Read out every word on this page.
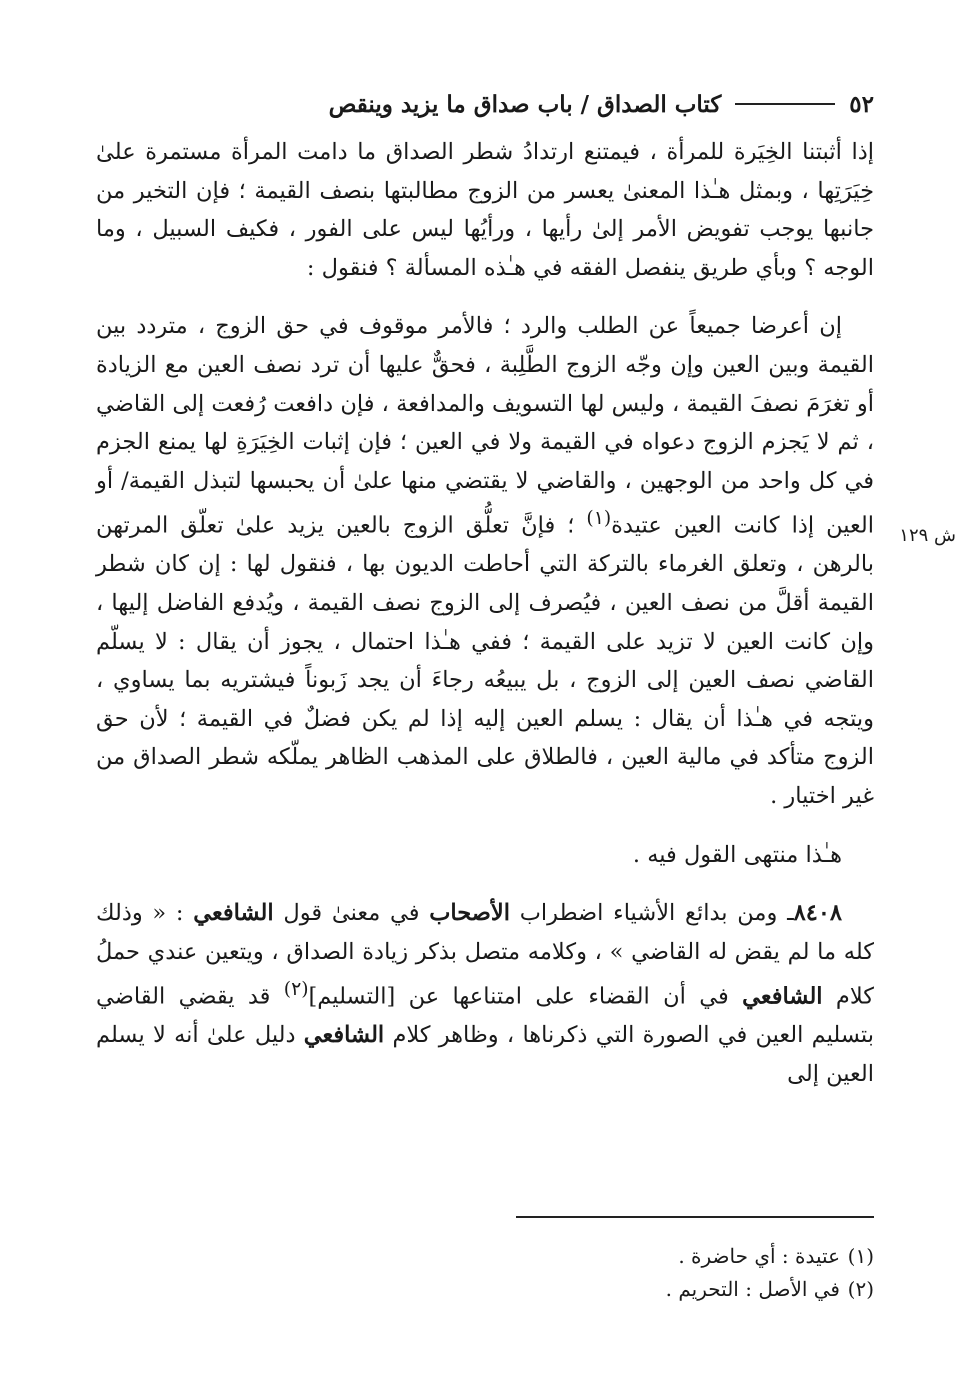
٥٢
كتاب الصداق / باب صداق ما يزيد وينقص

إذا أثبتنا الخِيَرة للمرأة ، فيمتنع ارتدادُ شطر الصداق ما دامت المرأة مستمرة علىٰ خِيَرَتِها ، وبمثل هـٰذا المعنىٰ يعسر من الزوج مطالبتها بنصف القيمة ؛ فإن التخير من جانبها يوجب تفويض الأمر إلىٰ رأيها ، ورأيُها ليس على الفور ، فكيف السبيل ، وما الوجه ؟ وبأي طريق ينفصل الفقه في هـٰذه المسألة ؟ فنقول :

إن أعرضا جميعاً عن الطلب والرد ؛ فالأمر موقوف في حق الزوج ، متردد بين القيمة وبين العين وإن وجّه الزوج الطَّلِبة ، فحقٌّ عليها أن ترد نصف العين مع الزيادة أو تغرَمَ نصفَ القيمة ، وليس لها التسويف والمدافعة ، فإن دافعت رُفعت إلى القاضي ، ثم لا يَجزم الزوج دعواه في القيمة ولا في العين ؛ فإن إثبات الخِيَرَةِ لها يمنع الجزم في كل واحد من الوجهين ، والقاضي لا يقتضي منها علىٰ أن يحبسها لتبذل القيمة/ أو العين إذا كانت العين عتيدة$^{(١)}$ ؛ فإنَّ تعلُّق الزوج بالعين يزيد علىٰ تعلّق المرتهن بالرهن ، وتعلق الغرماء بالتركة التي أحاطت الديون بها ، فنقول لها : إن كان شطر القيمة أقلَّ من نصف العين ، فيُصرف إلى الزوج نصف القيمة ، ويُدفع الفاضل إليها ، وإن كانت العين لا تزيد على القيمة ؛ ففي هـٰذا احتمال ، يجوز أن يقال : لا يسلّم القاضي نصف العين إلى الزوج ، بل يبيعُه رجاءَ أن يجد زَبوناً فيشتريه بما يساوي ، ويتجه في هـٰذا أن يقال : يسلم العين إليه إذا لم يكن فضلٌ في القيمة ؛ لأن حق الزوج متأكد في مالية العين ، فالطلاق على المذهب الظاهر يملّكه شطر الصداق من غير اختيار .

هـٰذا منتهى القول فيه .

٨٤٠٨ـ ومن بدائع الأشياء اضطراب الأصحاب في معنىٰ قول الشافعي : « وذلك كله ما لم يقض له القاضي » ، وكلامه متصل بذكر زيادة الصداق ، ويتعين عندي حملُ كلام الشافعي في أن القضاء على امتناعها عن [التسليم]$^{(٢)}$ قد يقضي القاضي بتسليم العين في الصورة التي ذكرناها ، وظاهر كلام الشافعي دليل علىٰ أنه لا يسلم العين إلى

ش ١٢٩
(١)
عتيدة : أي حاضرة .
(٢)
في الأصل : التحريم .
